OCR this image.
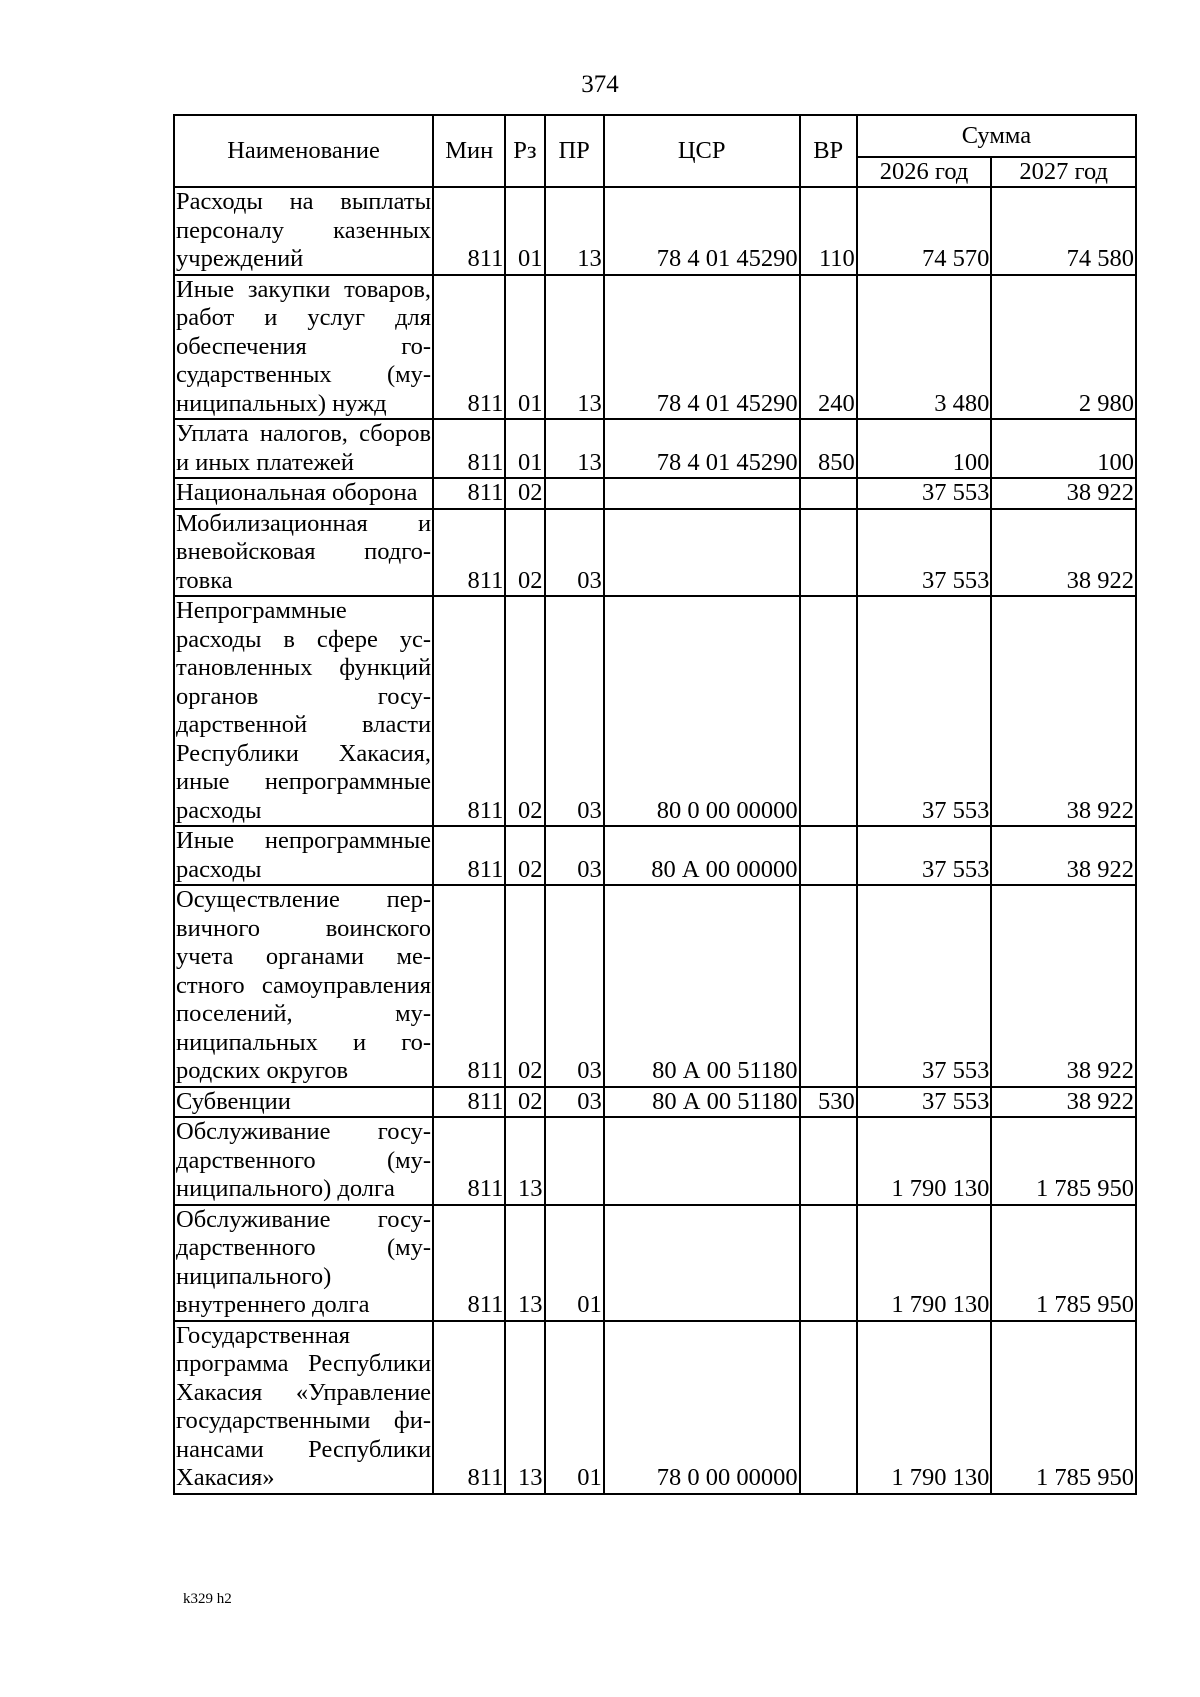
374
Наименование	Мин	Рз	ПР	ЦСР	ВР	Сумма	
						2026 год	2027 год
Расходы на выплаты персоналу казенных учреждений	811	01	13	78 4 01 45290	110	74 570	74 580
Иные закупки товаров, работ и услуг для обеспечения государственных (муниципальных) нужд	811	01	13	78 4 01 45290	240	3 480	2 980
Уплата налогов, сборов и иных платежей	811	01	13	78 4 01 45290	850	100	100
Национальная оборона	811	02				37 553	38 922
Мобилизационная и вневойсковая подготовка	811	02	03			37 553	38 922
Непрограммные расходы в сфере установленных функций органов государственной власти Республики Хакасия, иные непрограммные расходы	811	02	03	80 0 00 00000		37 553	38 922
Иные непрограммные расходы	811	02	03	80 А 00 00000		37 553	38 922
Осуществление первичного воинского учета органами местного самоуправления поселений, муниципальных и городских округов	811	02	03	80 А 00 51180		37 553	38 922
Субвенции	811	02	03	80 А 00 51180	530	37 553	38 922
Обслуживание государственного (муниципального) долга	811	13				1 790 130	1 785 950
Обслуживание государственного (муниципального) внутреннего долга	811	13	01			1 790 130	1 785 950
Государственная программа Республики Хакасия «Управление государственными финансами Республики Хакасия»	811	13	01	78 0 00 00000		1 790 130	1 785 950
k329 h2
